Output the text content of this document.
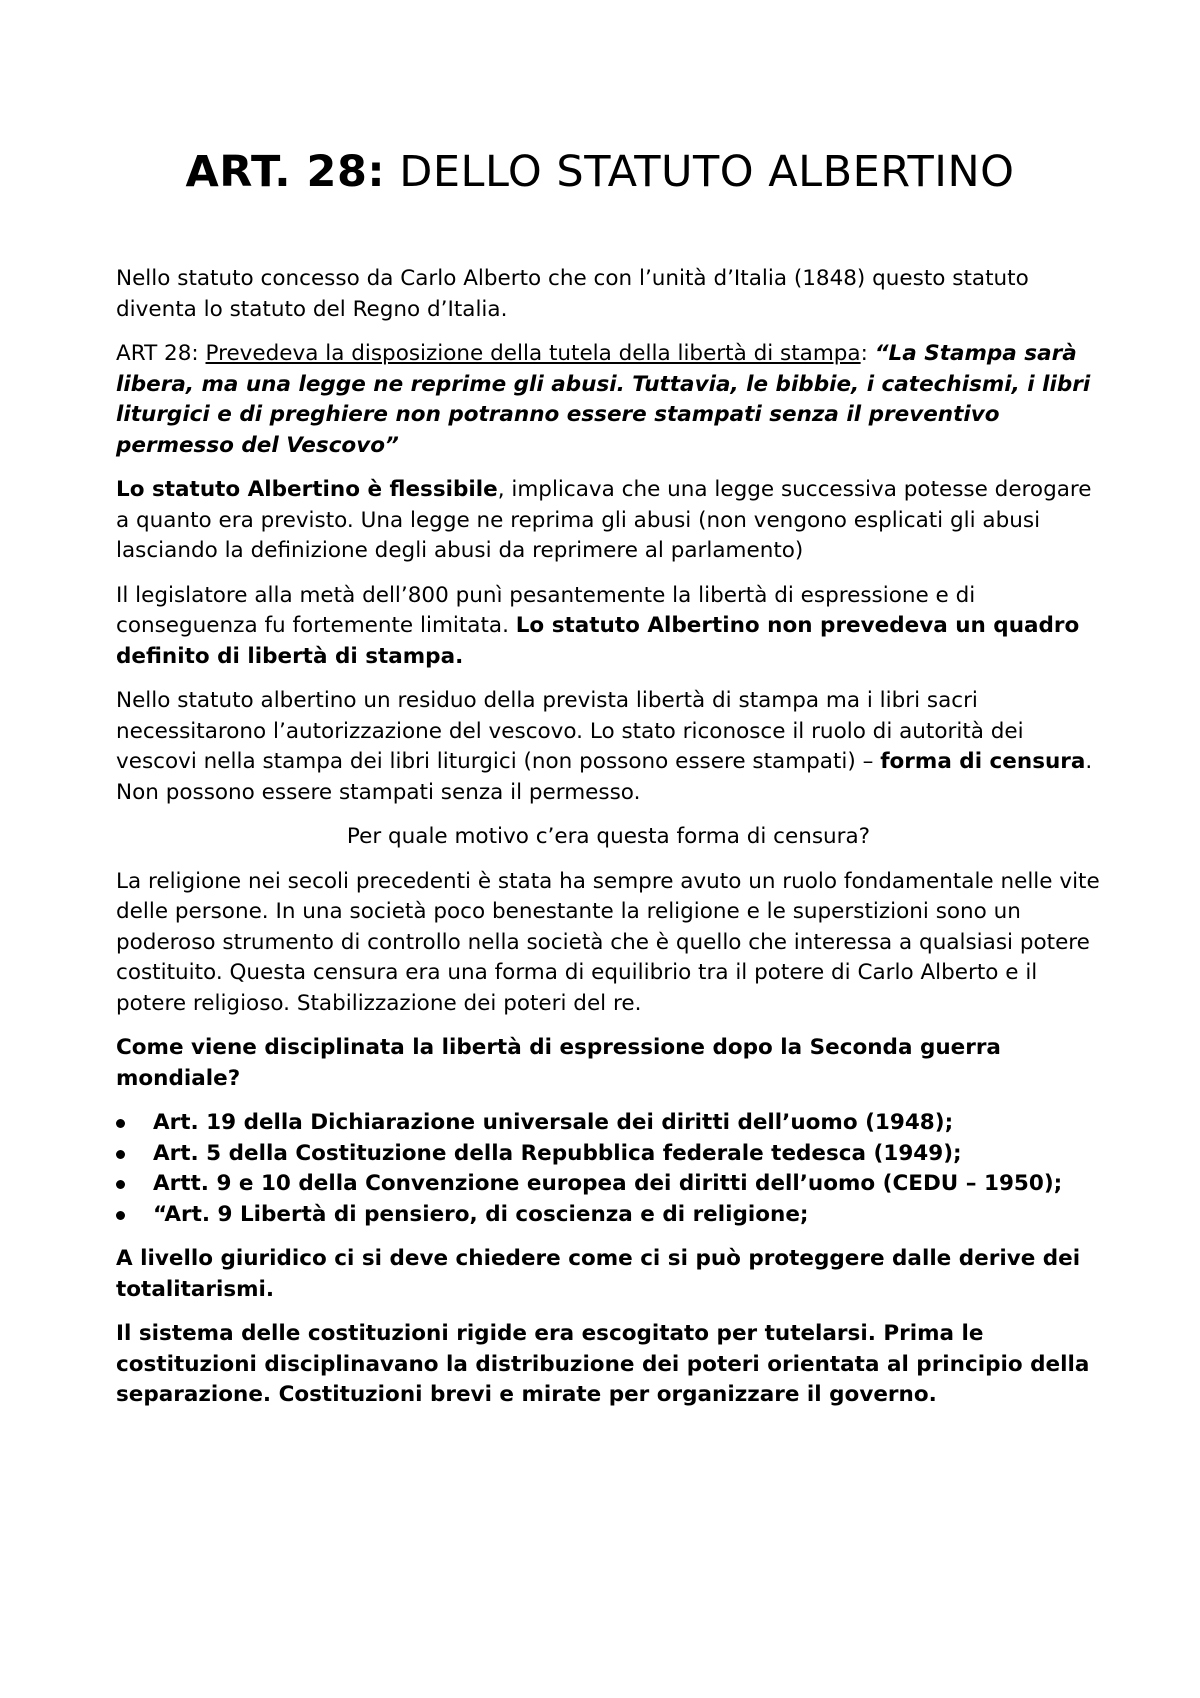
ART. 28: DELLO STATUTO ALBERTINO

Nello statuto concesso da Carlo Alberto che con l’unità d’Italia (1848) questo statuto diventa lo statuto del Regno d’Italia.

ART 28: Prevedeva la disposizione della tutela della libertà di stampa: “La Stampa sarà libera, ma una legge ne reprime gli abusi. Tuttavia, le bibbie, i catechismi, i libri liturgici e di preghiere non potranno essere stampati senza il preventivo permesso del Vescovo”

Lo statuto Albertino è flessibile, implicava che una legge successiva potesse derogare a quanto era previsto. Una legge ne reprima gli abusi (non vengono esplicati gli abusi lasciando la definizione degli abusi da reprimere al parlamento)

Il legislatore alla metà dell’800 punì pesantemente la libertà di espressione e di conseguenza fu fortemente limitata. Lo statuto Albertino non prevedeva un quadro definito di libertà di stampa.

Nello statuto albertino un residuo della prevista libertà di stampa ma i libri sacri necessitarono l’autorizzazione del vescovo. Lo stato riconosce il ruolo di autorità dei vescovi nella stampa dei libri liturgici (non possono essere stampati) – forma di censura. Non possono essere stampati senza il permesso.

Per quale motivo c’era questa forma di censura?

La religione nei secoli precedenti è stata ha sempre avuto un ruolo fondamentale nelle vite delle persone. In una società poco benestante la religione e le superstizioni sono un poderoso strumento di controllo nella società che è quello che interessa a qualsiasi potere costituito. Questa censura era una forma di equilibrio tra il potere di Carlo Alberto e il potere religioso. Stabilizzazione dei poteri del re.

Come viene disciplinata la libertà di espressione dopo la Seconda guerra mondiale?

Art. 19 della Dichiarazione universale dei diritti dell’uomo (1948);
Art. 5 della Costituzione della Repubblica federale tedesca (1949);
Artt. 9 e 10 della Convenzione europea dei diritti dell’uomo (CEDU – 1950);
“Art. 9 Libertà di pensiero, di coscienza e di religione;

A livello giuridico ci si deve chiedere come ci si può proteggere dalle derive dei totalitarismi.

Il sistema delle costituzioni rigide era escogitato per tutelarsi. Prima le costituzioni disciplinavano la distribuzione dei poteri orientata al principio della separazione. Costituzioni brevi e mirate per organizzare il governo.
